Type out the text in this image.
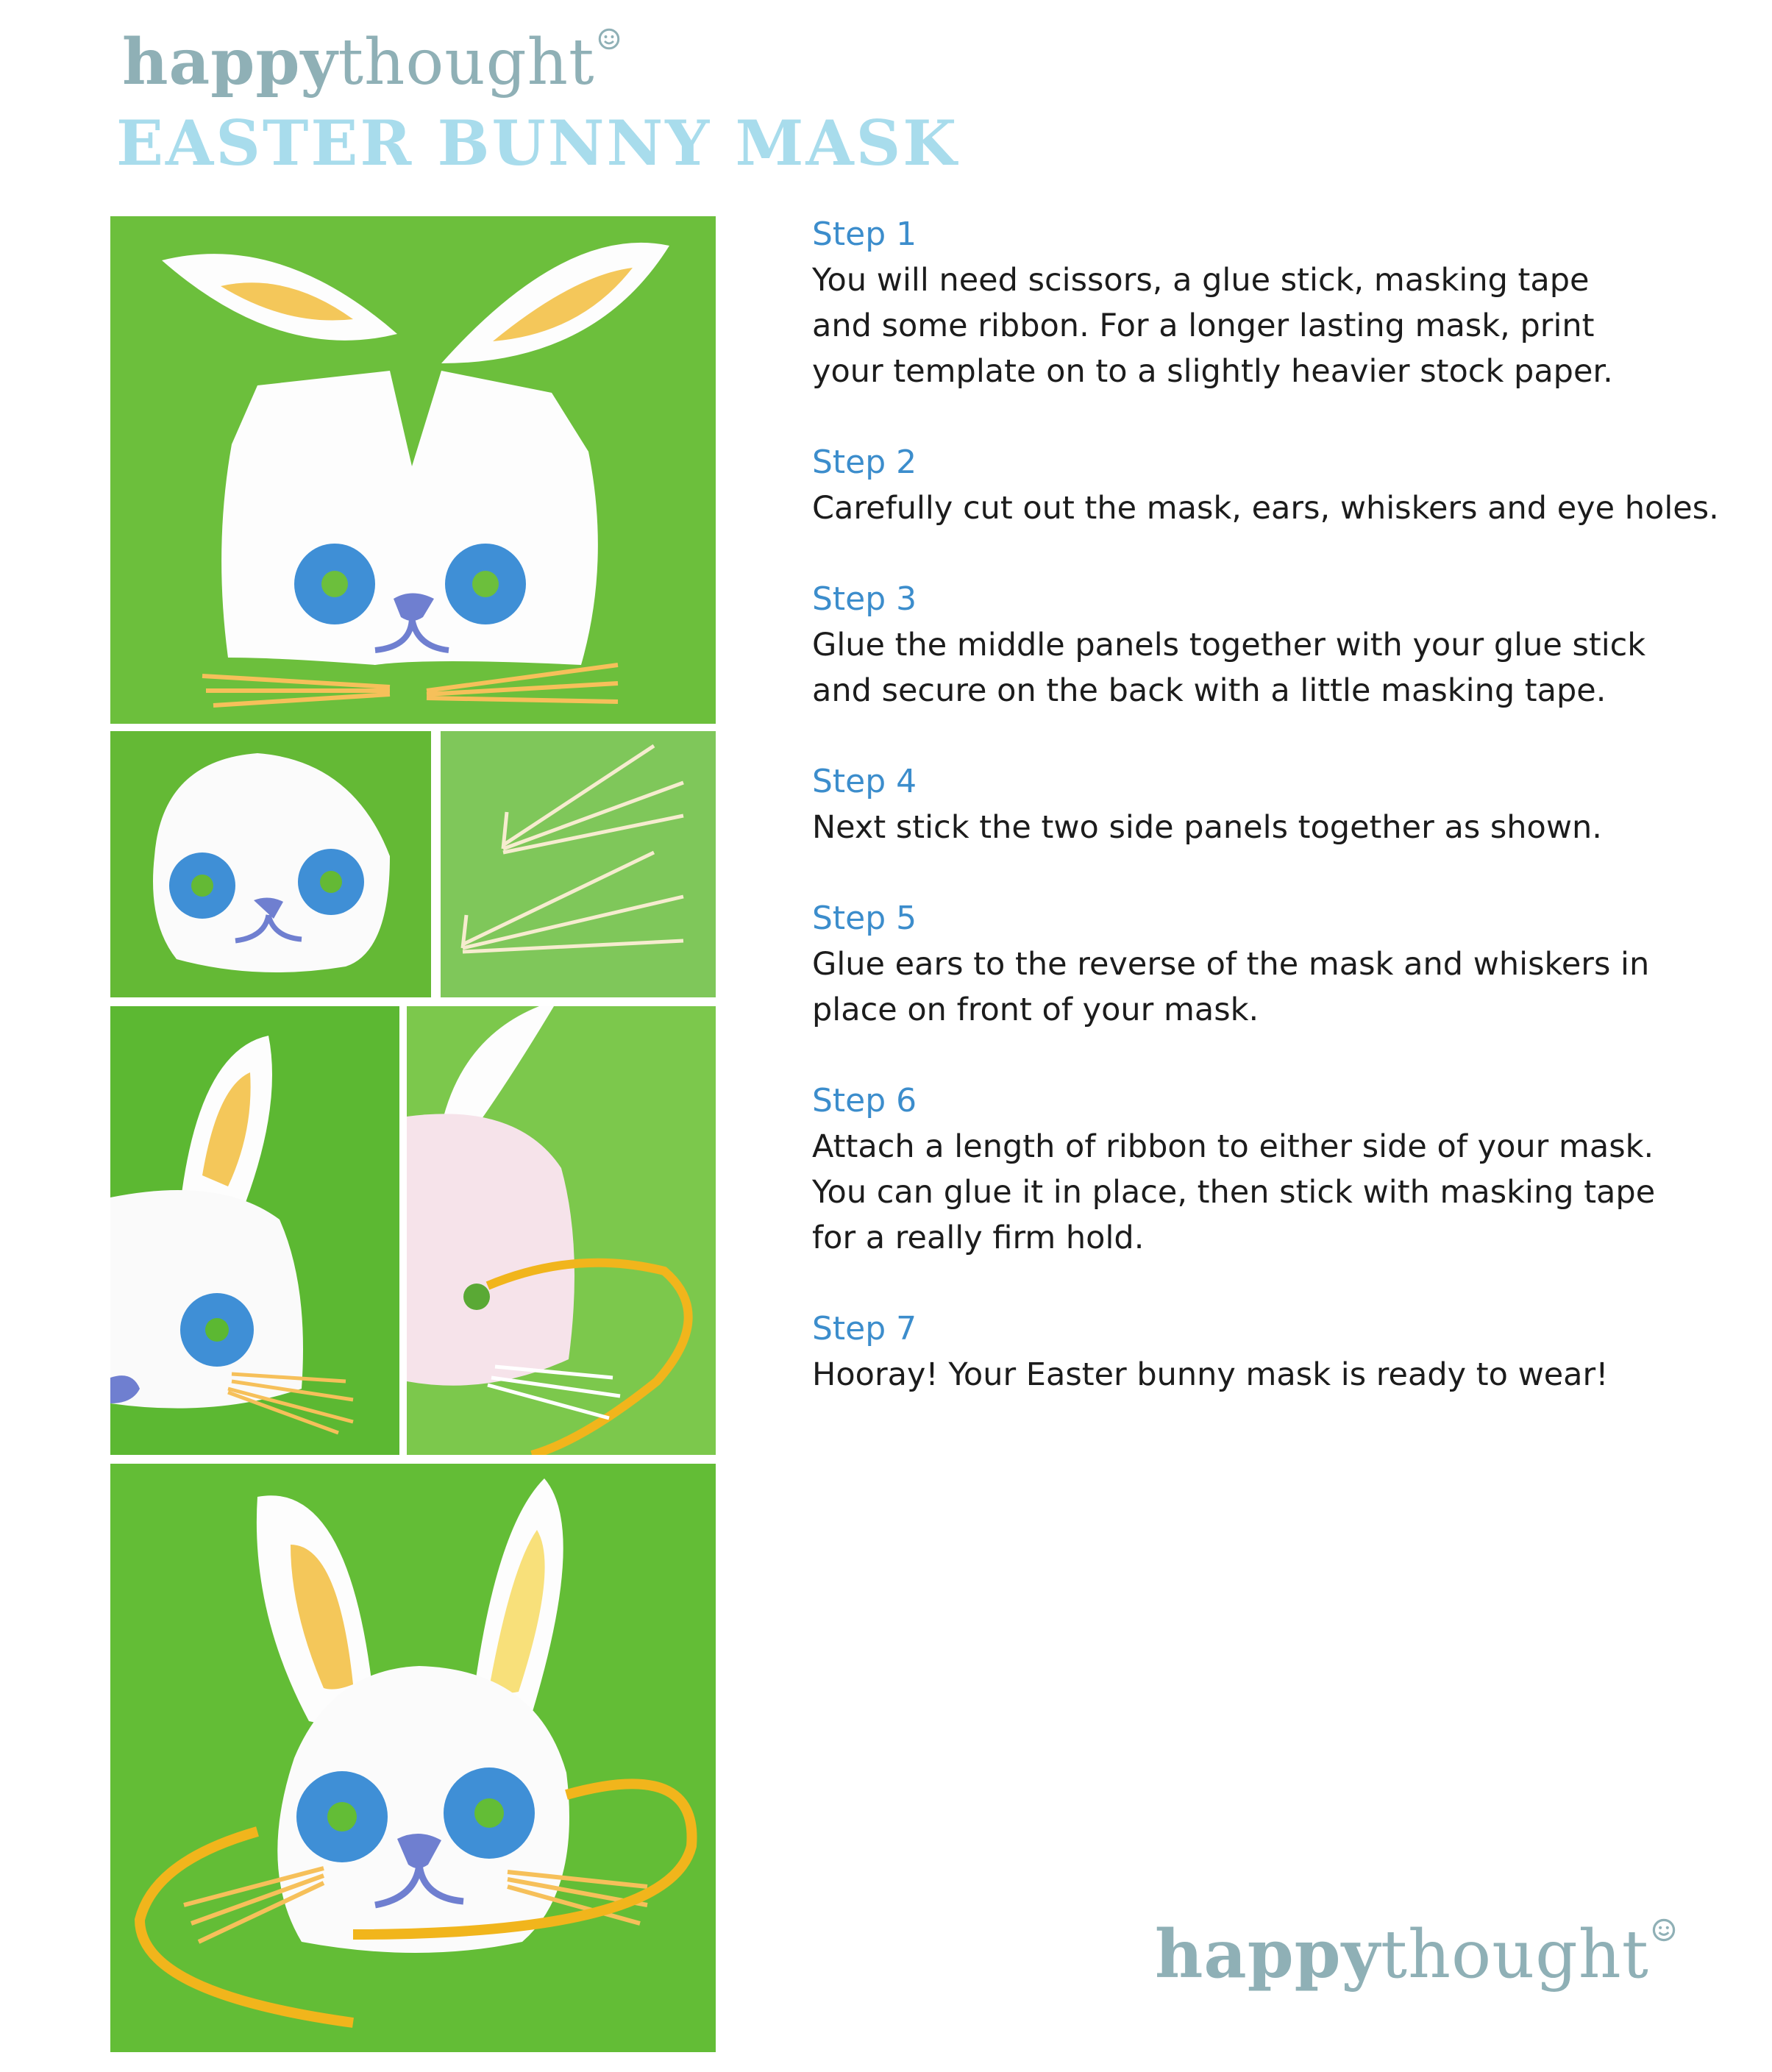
happythought
EASTER BUNNY MASK
Step 1
You will need scissors, a glue stick, masking tape
and some ribbon. For a longer lasting mask, print
your template on to a slightly heavier stock paper.
Step 2
Carefully cut out the mask, ears, whiskers and eye holes.
Step 3
Glue the middle panels together with your glue stick
and secure on the back with a little masking tape.
Step 4
Next stick the two side panels together as shown.
Step 5
Glue ears to the reverse of the mask and whiskers in
place on front of your mask.
Step 6
Attach a length of ribbon to either side of your mask.
You can glue it in place, then stick with masking tape
for a really firm hold.
Step 7
Hooray! Your Easter bunny mask is ready to wear!
happythought
